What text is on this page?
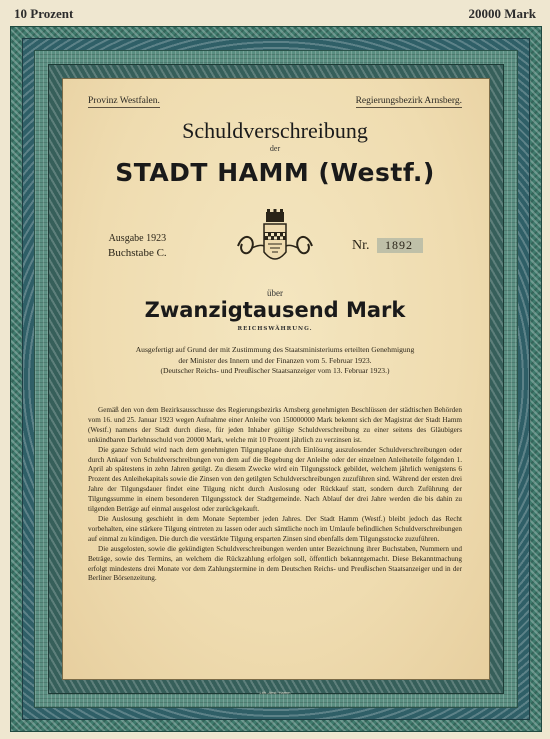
10 Prozent	20000 Mark
Provinz Westfalen.	Regierungsbezirk Arnsberg.
Schuldverschreibung
der
STADT HAMM (Westf.)
Ausgabe 1923
Buchstabe C.	Nr. 1892
über
Zwanzigtausend Mark
REICHSWÄHRUNG.
Ausgefertigt auf Grund der mit Zustimmung des Staatsministeriums erteilten Genehmigung
der Minister des Innern und der Finanzen vom 5. Februar 1923.
(Deutscher Reichs- und Preußischer Staatsanzeiger vom 13. Februar 1923.)

Gemäß den von dem Bezirksausschusse des Regierungsbezirks Arnsberg genehmigten Beschlüssen der städtischen Behörden vom 16. und 25. Januar 1923 wegen Aufnahme einer Anleihe von 150000000 Mark bekennt sich der Magistrat der Stadt Hamm (Westf.) namens der Stadt durch diese, für jeden Inhaber gültige Schuldverschreibung zu einer seitens des Gläubigers unkündbaren Darlehnsschuld von 20000 Mark, welche mit 10 Prozent jährlich zu verzinsen ist.

Die ganze Schuld wird nach dem genehmigten Tilgungsplane durch Einlösung auszulosender Schuldverschreibungen oder durch Ankauf von Schuldverschreibungen von dem auf die Begebung der Anleihe oder der einzelnen Anleiheteile folgenden 1. April ab spätestens in zehn Jahren getilgt. Zu diesem Zwecke wird ein Tilgungsstock gebildet, welchem jährlich wenigstens 6 Prozent des Anleihekapitals sowie die Zinsen von den getilgten Schuldverschreibungen zuzuführen sind. Während der ersten drei Jahre der Tilgungsdauer findet eine Tilgung nicht durch Auslosung oder Rückkauf statt, sondern durch Zuführung der Tilgungssumme in einem besonderen Tilgungsstock der Stadtgemeinde. Nach Ablauf der drei Jahre werden die bis dahin zu tilgenden Beträge auf einmal ausgelost oder zurückgekauft.

Die Auslosung geschieht in dem Monate September jeden Jahres. Der Stadt Hamm (Westf.) bleibt jedoch das Recht vorbehalten, eine stärkere Tilgung eintreten zu lassen oder auch sämtliche noch im Umlaufe befindlichen Schuldverschreibungen auf einmal zu kündigen. Die durch die verstärkte Tilgung ersparten Zinsen sind ebenfalls dem Tilgungsstocke zuzuführen.

Die ausgelosten, sowie die gekündigten Schuldverschreibungen werden unter Bezeichnung ihrer Buchstaben, Nummern und Beträge, sowie des Termins, an welchem die Rückzahlung erfolgen soll, öffentlich bekanntgemacht. Diese Bekanntmachung erfolgt mindestens drei Monate vor dem Zahlungstermine in dem Deutschen Reichs- und Preußischen Staatsanzeiger und in der Berliner Börsenzeitung.

Lith.-Anst. Hamm
